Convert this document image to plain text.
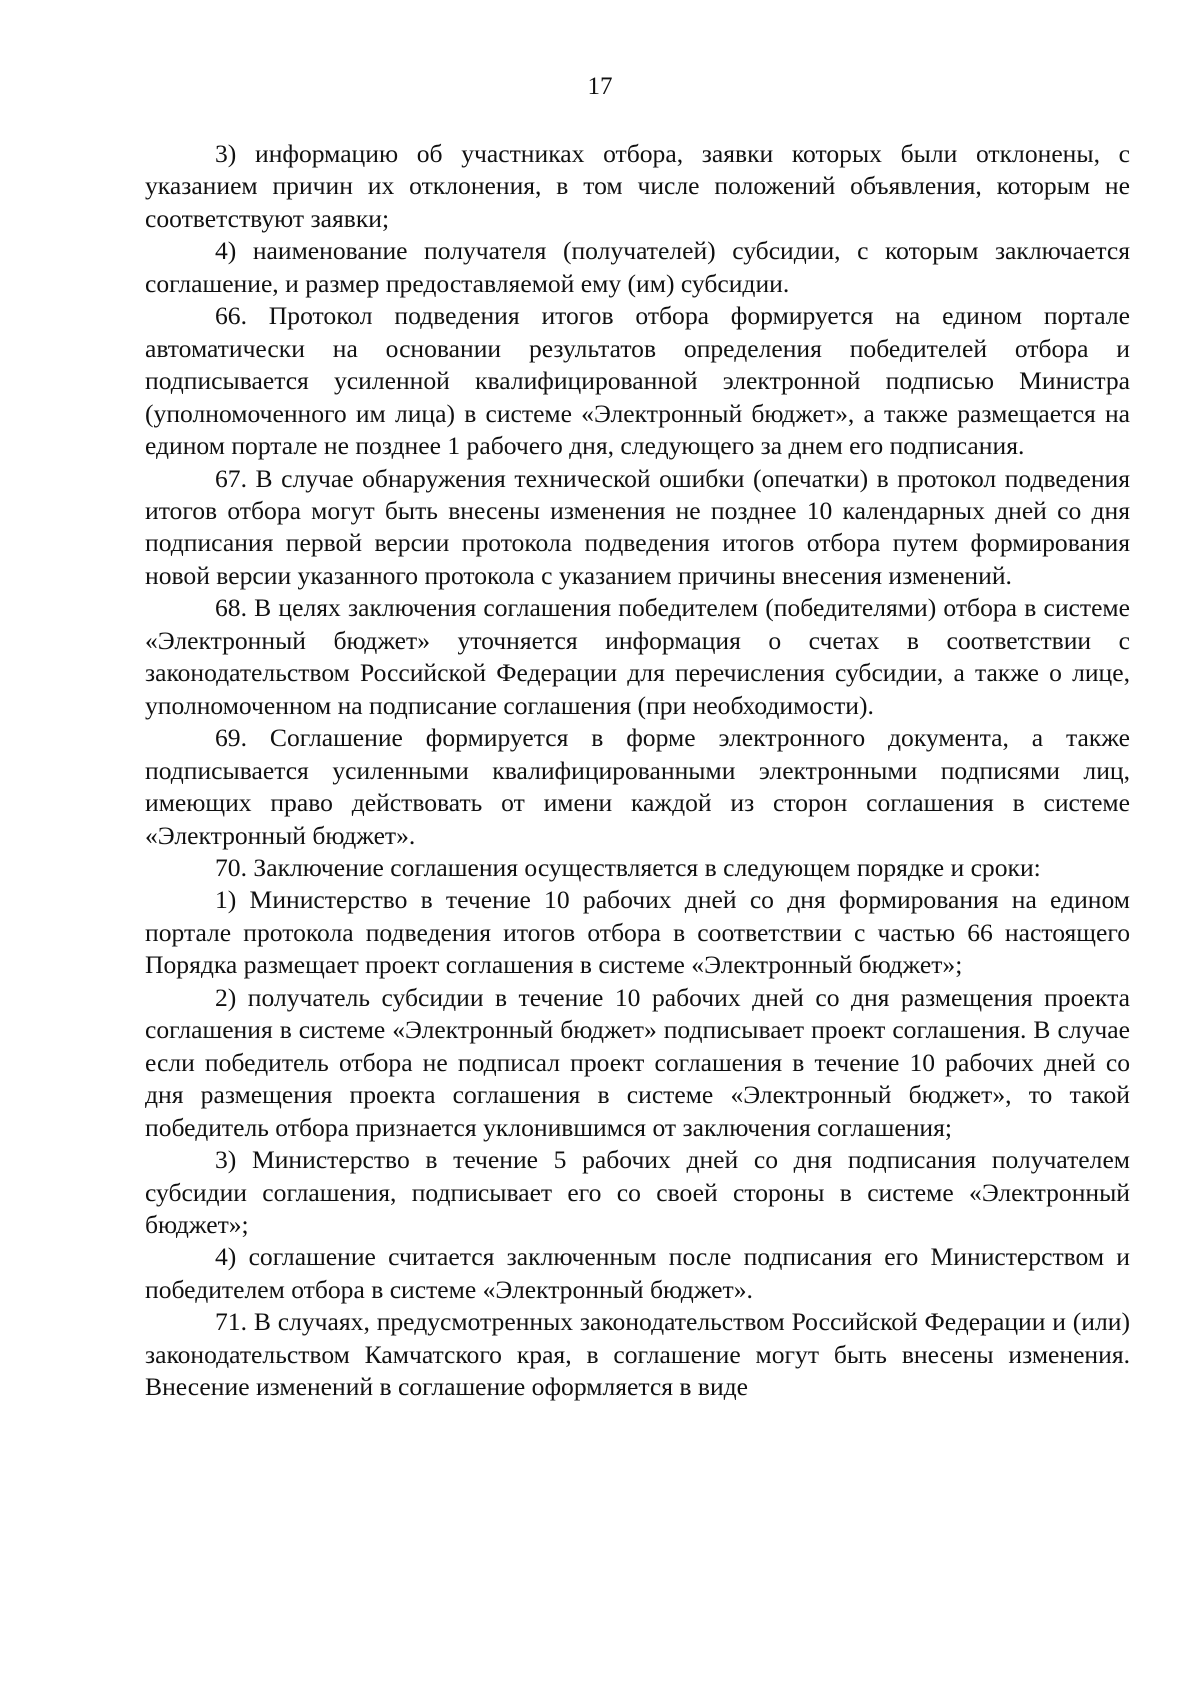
17

3) информацию об участниках отбора, заявки которых были отклонены, с указанием причин их отклонения, в том числе положений объявления, которым не соответствуют заявки;

4) наименование получателя (получателей) субсидии, с которым заключается соглашение, и размер предоставляемой ему (им) субсидии.

66. Протокол подведения итогов отбора формируется на едином портале автоматически на основании результатов определения победителей отбора и подписывается усиленной квалифицированной электронной подписью Министра (уполномоченного им лица) в системе «Электронный бюджет», а также размещается на едином портале не позднее 1 рабочего дня, следующего за днем его подписания.

67. В случае обнаружения технической ошибки (опечатки) в протокол подведения итогов отбора могут быть внесены изменения не позднее 10 календарных дней со дня подписания первой версии протокола подведения итогов отбора путем формирования новой версии указанного протокола с указанием причины внесения изменений.

68. В целях заключения соглашения победителем (победителями) отбора в системе «Электронный бюджет» уточняется информация о счетах в соответствии с законодательством Российской Федерации для перечисления субсидии, а также о лице, уполномоченном на подписание соглашения (при необходимости).

69. Соглашение формируется в форме электронного документа, а также подписывается усиленными квалифицированными электронными подписями лиц, имеющих право действовать от имени каждой из сторон соглашения в системе «Электронный бюджет».

70. Заключение соглашения осуществляется в следующем порядке и сроки:

1) Министерство в течение 10 рабочих дней со дня формирования на едином портале протокола подведения итогов отбора в соответствии с частью 66 настоящего Порядка размещает проект соглашения в системе «Электронный бюджет»;

2) получатель субсидии в течение 10 рабочих дней со дня размещения проекта соглашения в системе «Электронный бюджет» подписывает проект соглашения. В случае если победитель отбора не подписал проект соглашения в течение 10 рабочих дней со дня размещения проекта соглашения в системе «Электронный бюджет», то такой победитель отбора признается уклонившимся от заключения соглашения;

3) Министерство в течение 5 рабочих дней со дня подписания получателем субсидии соглашения, подписывает его со своей стороны в системе «Электронный бюджет»;

4) соглашение считается заключенным после подписания его Министерством и победителем отбора в системе «Электронный бюджет».

71. В случаях, предусмотренных законодательством Российской Федерации и (или) законодательством Камчатского края, в соглашение могут быть внесены изменения. Внесение изменений в соглашение оформляется в виде
